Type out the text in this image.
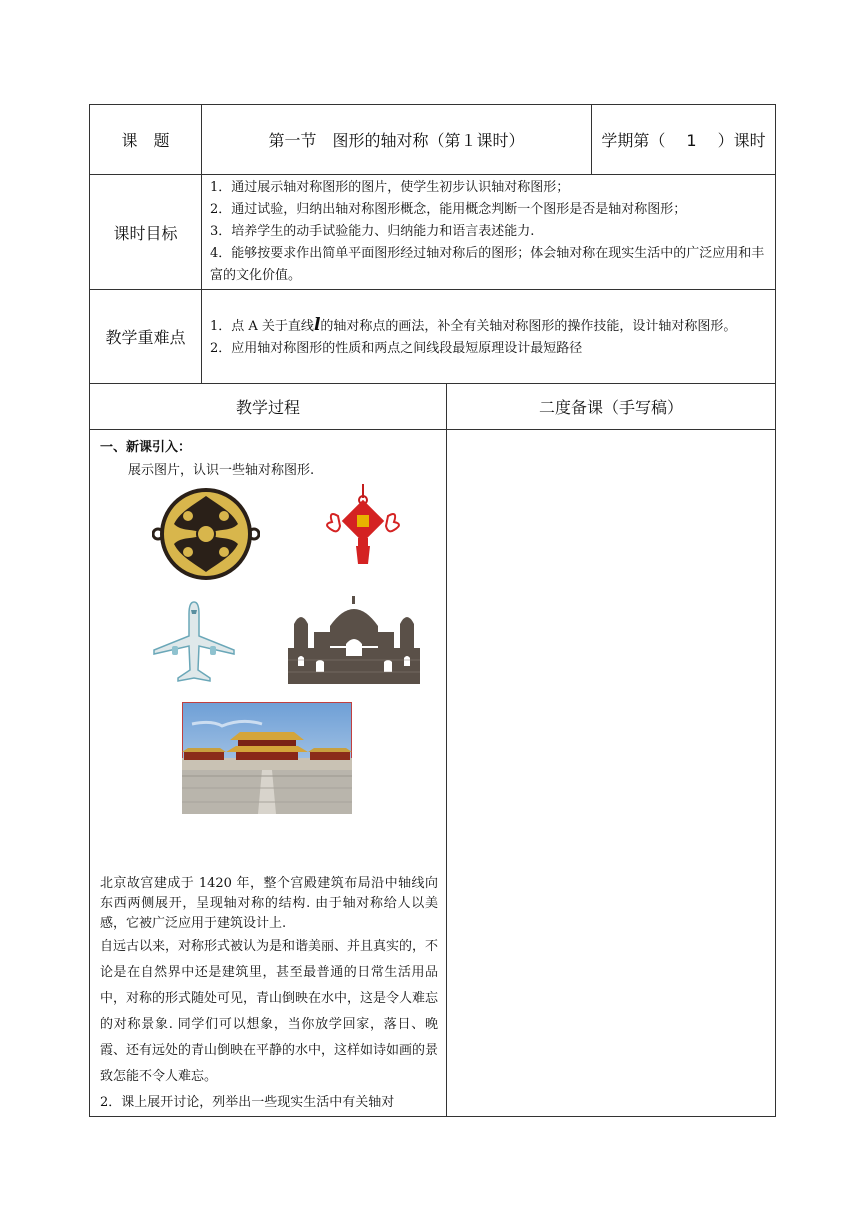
课　题	第一节　图形的轴对称（第１课时）		学期第（　 1　 ）课时
课时目标	1．通过展示轴对称图形的图片，使学生初步认识轴对称图形；
2．通过试验，归纳出轴对称图形概念，能用概念判断一个图形是否是轴对称图形；
3．培养学生的动手试验能力、归纳能力和语言表述能力.
4．能够按要求作出简单平面图形经过轴对称后的图形；体会轴对称在现实生活中的广泛应用和丰富的文化价值。		

教学重难点	1．点 A 关于直线l的轴对称点的画法，补全有关轴对称图形的操作技能，设计轴对称图形。
2．应用轴对称图形的性质和两点之间线段最短原理设计最短路径		

教学过程		二度备课（手写稿）	

一、新课引入：
展示图片，认识一些轴对称图形.
北京故宫建成于 1420 年，整个宫殿建筑布局沿中轴线向东西两侧展开，呈现轴对称的结构. 由于轴对称给人以美感，它被广泛应用于建筑设计上.
自远古以来，对称形式被认为是和谐美丽、并且真实的，不论是在自然界中还是建筑里，甚至最普通的日常生活用品中，对称的形式随处可见，青山倒映在水中，这是令人难忘的对称景象. 同学们可以想象，当你放学回家，落日、晚霞、还有远处的青山倒映在平静的水中，这样如诗如画的景致怎能不令人难忘。
2．课上展开讨论，列举出一些现实生活中有关轴对			
